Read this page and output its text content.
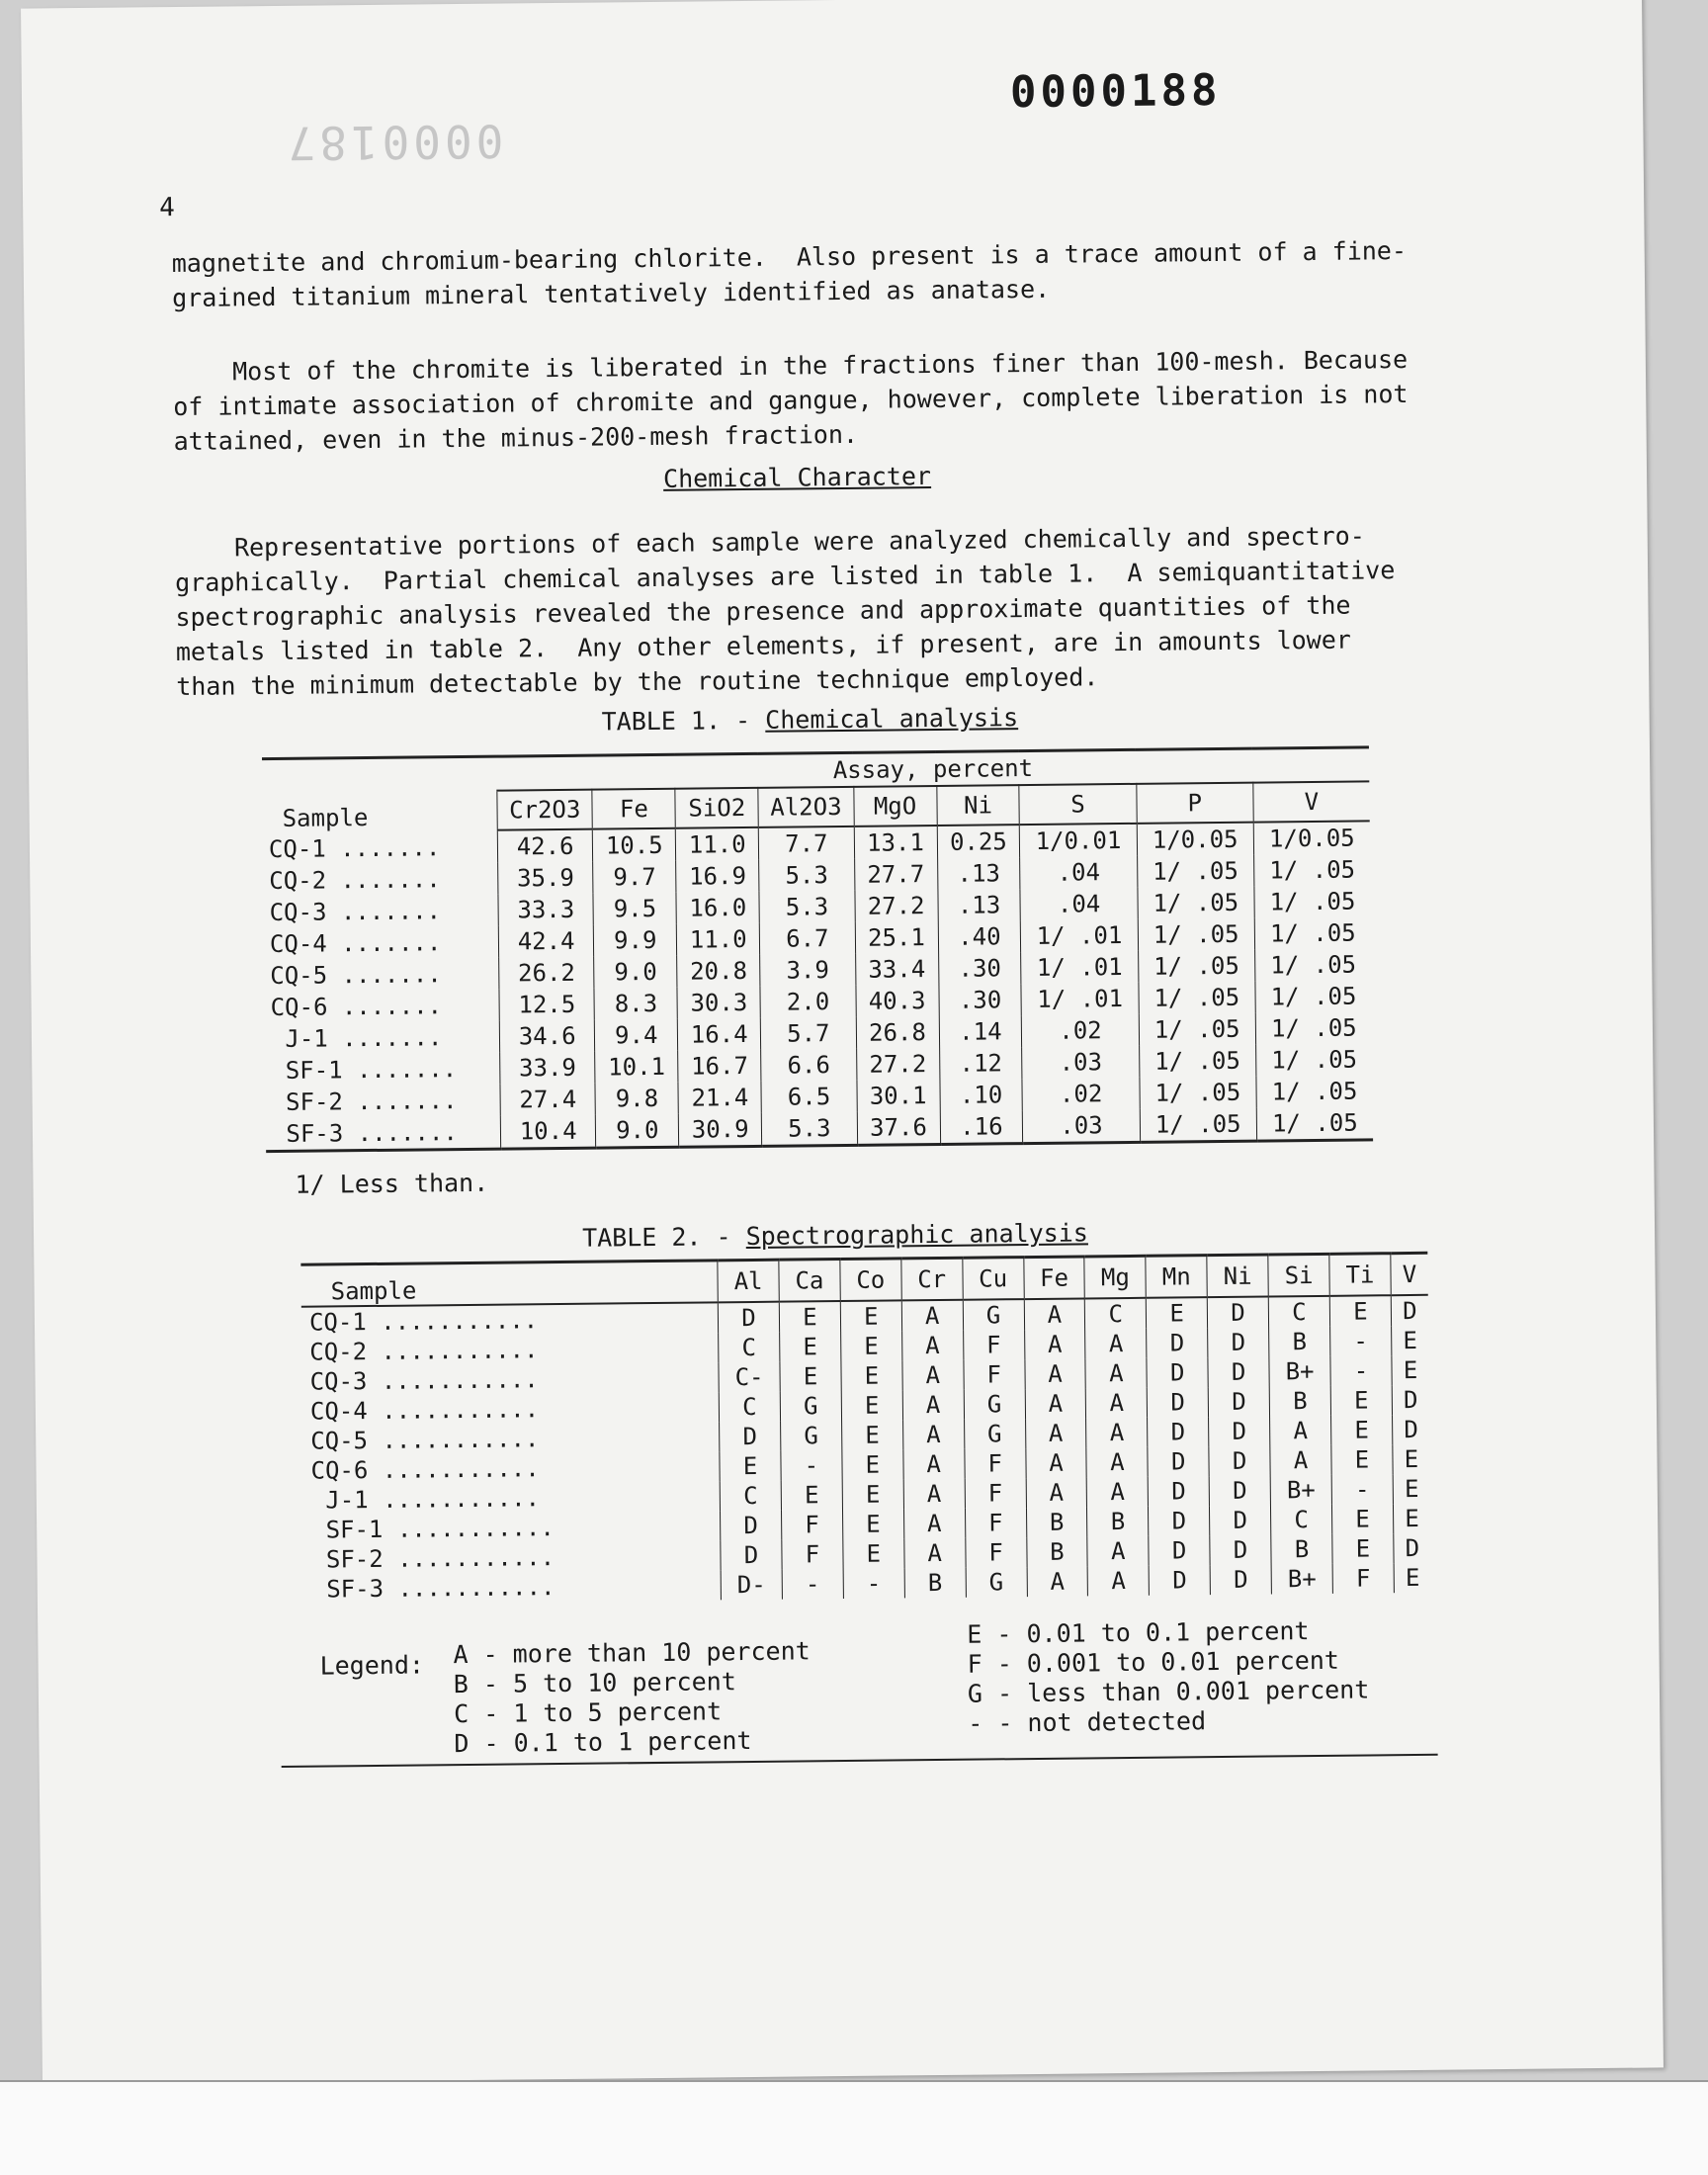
0000187
0000188
4
magnetite and chromium-bearing chlorite.  Also present is a trace amount of a fine-
grained titanium mineral tentatively identified as anatase.
Most of the chromite is liberated in the fractions finer than 100-mesh. Because
of intimate association of chromite and gangue, however, complete liberation is not
attained, even in the minus-200-mesh fraction.
Chemical Character
Representative portions of each sample were analyzed chemically and spectro-
graphically.  Partial chemical analyses are listed in table 1.  A semiquantitative
spectrographic analysis revealed the presence and approximate quantities of the
metals listed in table 2.  Any other elements, if present, are in amounts lower
than the minimum detectable by the routine technique employed.
TABLE 1. - Chemical analysis
Sample	Assay, percent								
	Cr2O3	Fe	SiO2	Al2O3	MgO	Ni	S	P	V
CQ-1 .......	42.6	10.5	11.0	7.7	13.1	0.25	1/0.01	1/0.05	1/0.05
CQ-2 .......	35.9	9.7	16.9	5.3	27.7	.13	.04	1/ .05	1/ .05
CQ-3 .......	33.3	9.5	16.0	5.3	27.2	.13	.04	1/ .05	1/ .05
CQ-4 .......	42.4	9.9	11.0	6.7	25.1	.40	1/ .01	1/ .05	1/ .05
CQ-5 .......	26.2	9.0	20.8	3.9	33.4	.30	1/ .01	1/ .05	1/ .05
CQ-6 .......	12.5	8.3	30.3	2.0	40.3	.30	1/ .01	1/ .05	1/ .05
J-1 .......	34.6	9.4	16.4	5.7	26.8	.14	.02	1/ .05	1/ .05
SF-1 .......	33.9	10.1	16.7	6.6	27.2	.12	.03	1/ .05	1/ .05
SF-2 .......	27.4	9.8	21.4	6.5	30.1	.10	.02	1/ .05	1/ .05
SF-3 .......	10.4	9.0	30.9	5.3	37.6	.16	.03	1/ .05	1/ .05
1/ Less than.
TABLE 2. - Spectrographic analysis
Sample	Al	Ca	Co	Cr	Cu	Fe	Mg	Mn	Ni	Si	Ti	V
CQ-1 ...........	D	E	E	A	G	A	C	E	D	C	E	D
CQ-2 ...........	C	E	E	A	F	A	A	D	D	B	-	E
CQ-3 ...........	C-	E	E	A	F	A	A	D	D	B+	-	E
CQ-4 ...........	C	G	E	A	G	A	A	D	D	B	E	D
CQ-5 ...........	D	G	E	A	G	A	A	D	D	A	E	D
CQ-6 ...........	E	-	E	A	F	A	A	D	D	A	E	E
J-1 ...........	C	E	E	A	F	A	A	D	D	B+	-	E
SF-1 ...........	D	F	E	A	F	B	B	D	D	C	E	E
SF-2 ...........	D	F	E	A	F	B	A	D	D	B	E	D
SF-3 ...........	D-	-	-	B	G	A	A	D	D	B+	F	E
Legend: A - more than 10 percent
B - 5 to 10 percent
C - 1 to 5 percent
D - 0.1 to 1 percent
E - 0.01 to 0.1 percent
F - 0.001 to 0.01 percent
G - less than 0.001 percent
- - not detected
